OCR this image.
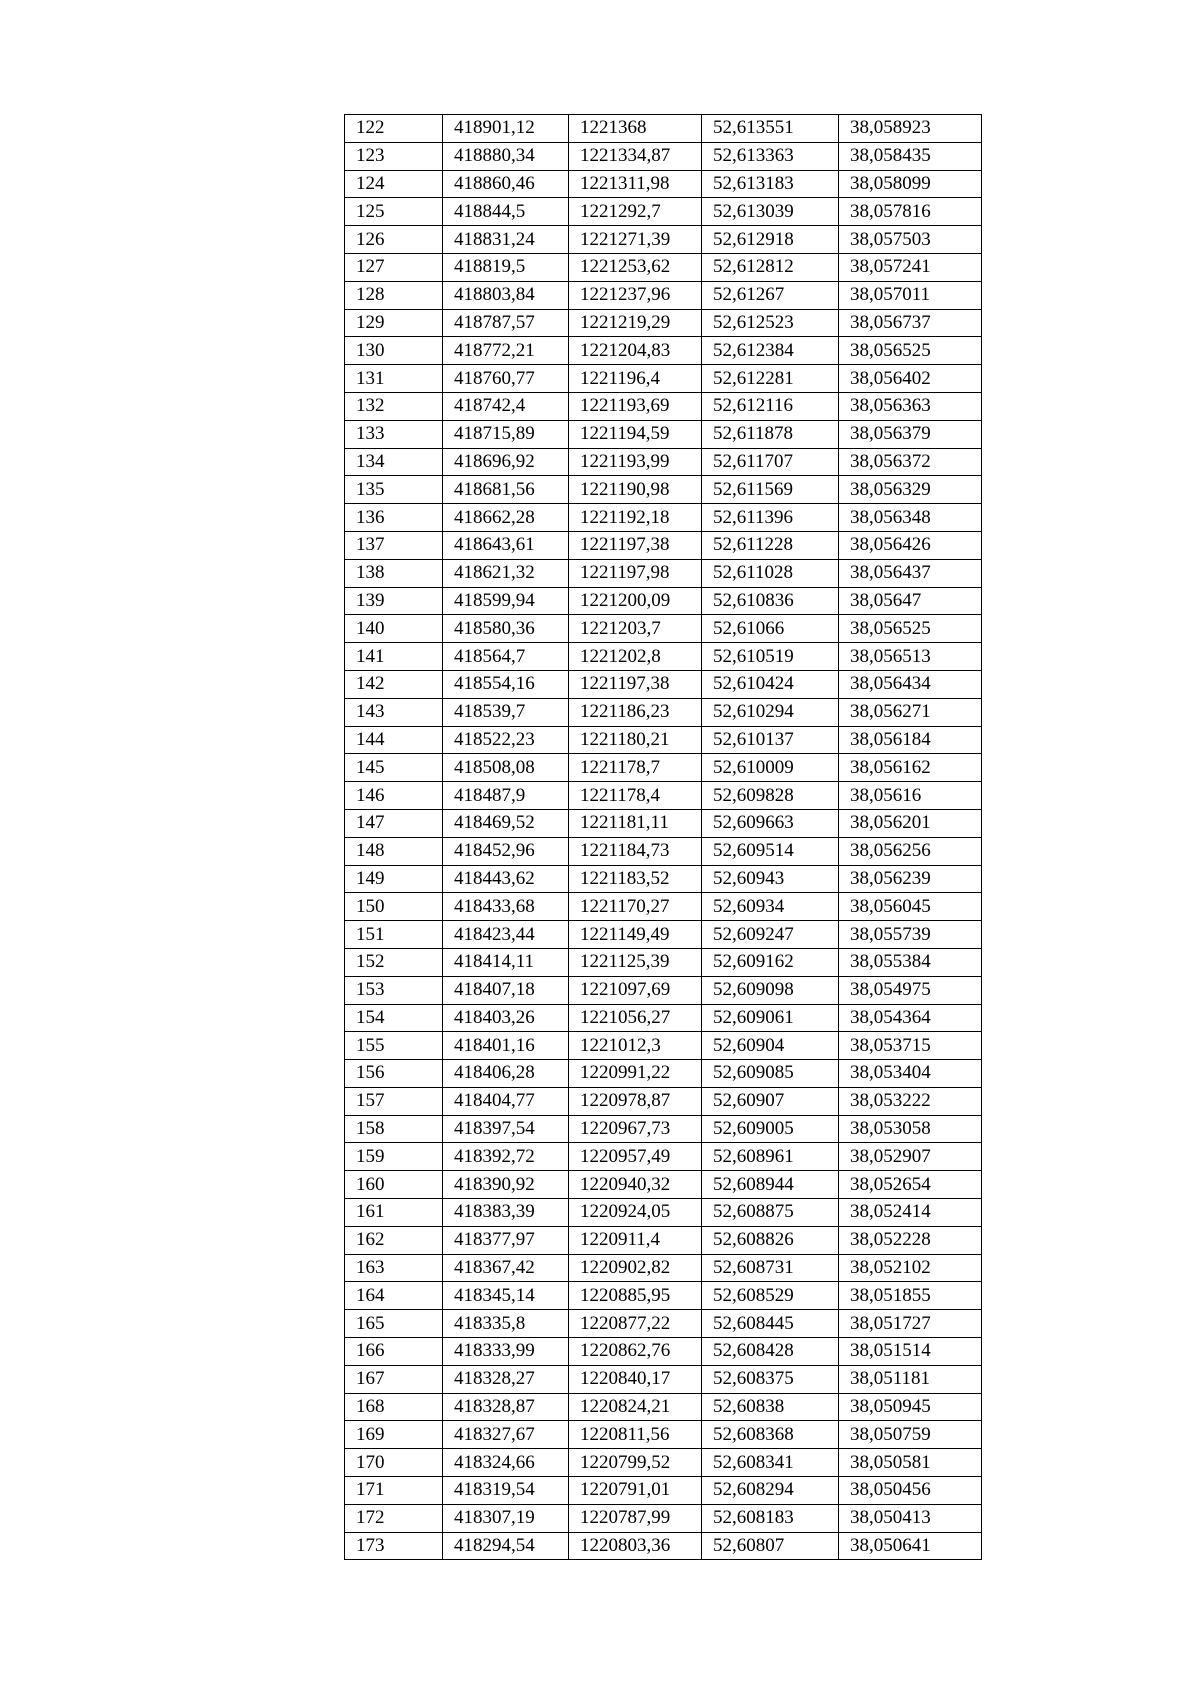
122	418901,12	1221368	52,613551	38,058923
123	418880,34	1221334,87	52,613363	38,058435
124	418860,46	1221311,98	52,613183	38,058099
125	418844,5	1221292,7	52,613039	38,057816
126	418831,24	1221271,39	52,612918	38,057503
127	418819,5	1221253,62	52,612812	38,057241
128	418803,84	1221237,96	52,61267	38,057011
129	418787,57	1221219,29	52,612523	38,056737
130	418772,21	1221204,83	52,612384	38,056525
131	418760,77	1221196,4	52,612281	38,056402
132	418742,4	1221193,69	52,612116	38,056363
133	418715,89	1221194,59	52,611878	38,056379
134	418696,92	1221193,99	52,611707	38,056372
135	418681,56	1221190,98	52,611569	38,056329
136	418662,28	1221192,18	52,611396	38,056348
137	418643,61	1221197,38	52,611228	38,056426
138	418621,32	1221197,98	52,611028	38,056437
139	418599,94	1221200,09	52,610836	38,05647
140	418580,36	1221203,7	52,61066	38,056525
141	418564,7	1221202,8	52,610519	38,056513
142	418554,16	1221197,38	52,610424	38,056434
143	418539,7	1221186,23	52,610294	38,056271
144	418522,23	1221180,21	52,610137	38,056184
145	418508,08	1221178,7	52,610009	38,056162
146	418487,9	1221178,4	52,609828	38,05616
147	418469,52	1221181,11	52,609663	38,056201
148	418452,96	1221184,73	52,609514	38,056256
149	418443,62	1221183,52	52,60943	38,056239
150	418433,68	1221170,27	52,60934	38,056045
151	418423,44	1221149,49	52,609247	38,055739
152	418414,11	1221125,39	52,609162	38,055384
153	418407,18	1221097,69	52,609098	38,054975
154	418403,26	1221056,27	52,609061	38,054364
155	418401,16	1221012,3	52,60904	38,053715
156	418406,28	1220991,22	52,609085	38,053404
157	418404,77	1220978,87	52,60907	38,053222
158	418397,54	1220967,73	52,609005	38,053058
159	418392,72	1220957,49	52,608961	38,052907
160	418390,92	1220940,32	52,608944	38,052654
161	418383,39	1220924,05	52,608875	38,052414
162	418377,97	1220911,4	52,608826	38,052228
163	418367,42	1220902,82	52,608731	38,052102
164	418345,14	1220885,95	52,608529	38,051855
165	418335,8	1220877,22	52,608445	38,051727
166	418333,99	1220862,76	52,608428	38,051514
167	418328,27	1220840,17	52,608375	38,051181
168	418328,87	1220824,21	52,60838	38,050945
169	418327,67	1220811,56	52,608368	38,050759
170	418324,66	1220799,52	52,608341	38,050581
171	418319,54	1220791,01	52,608294	38,050456
172	418307,19	1220787,99	52,608183	38,050413
173	418294,54	1220803,36	52,60807	38,050641
